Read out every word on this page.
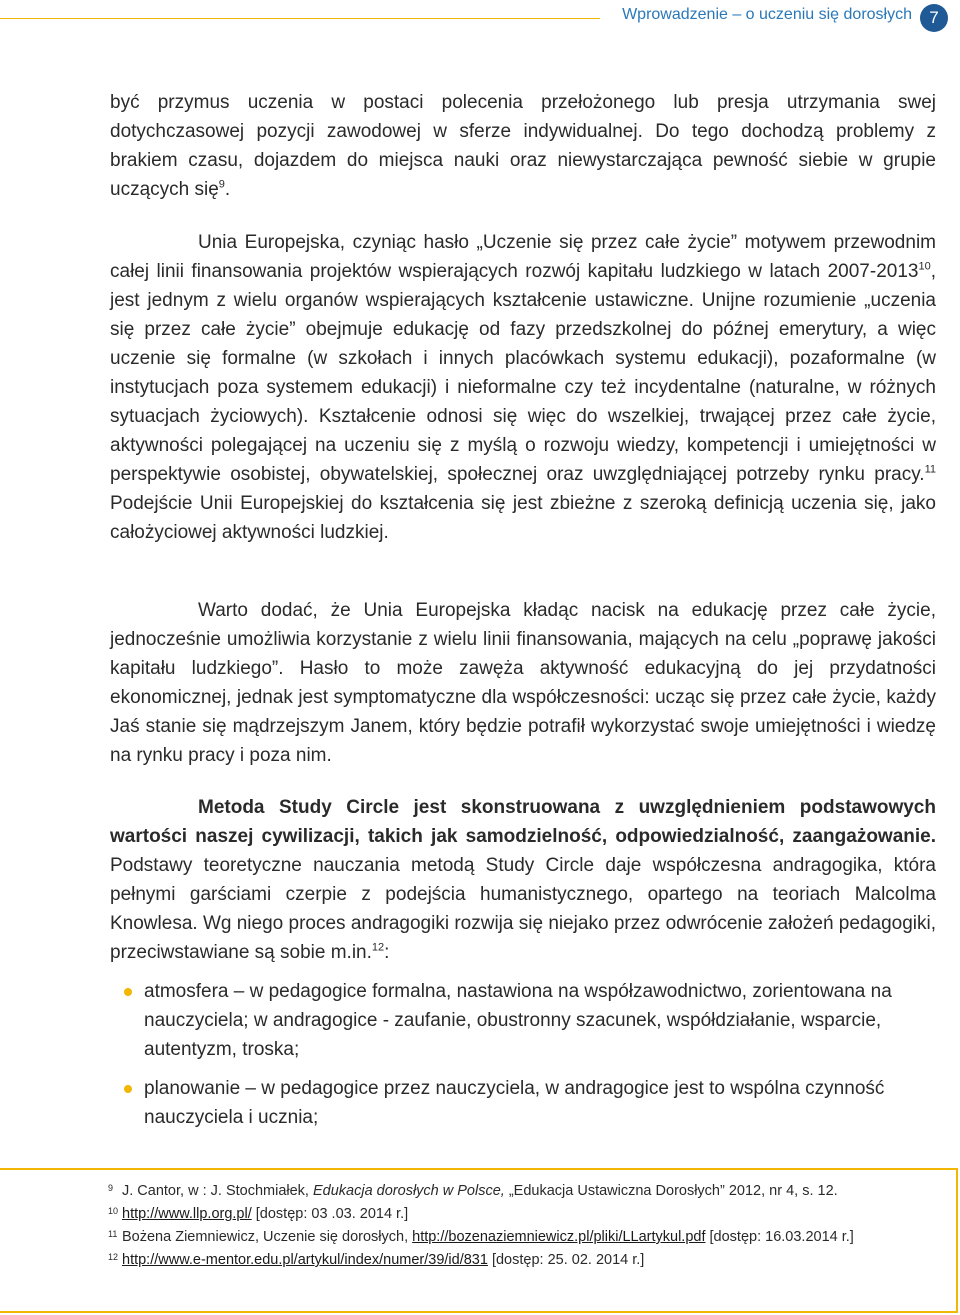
Wprowadzenie – o uczeniu się dorosłych	7

być przymus uczenia w postaci polecenia przełożonego lub presja utrzymania swej dotychczasowej pozycji zawodowej w sferze indywidualnej. Do tego dochodzą problemy z brakiem czasu, dojazdem do miejsca nauki oraz niewystarczająca pewność siebie w grupie uczących się$^9$.

Unia Europejska, czyniąc hasło „Uczenie się przez całe życie” motywem przewodnim całej linii finansowania projektów wspierających rozwój kapitału ludzkiego w latach 2007-2013$^{10}$, jest jednym z wielu organów wspierających kształcenie ustawiczne. Unijne rozumienie „uczenia się przez całe życie” obejmuje edukację od fazy przedszkolnej do późnej emerytury, a więc uczenie się formalne (w szkołach i innych placówkach systemu edukacji), pozaformalne (w instytucjach poza systemem edukacji) i nieformalne czy też incydentalne (naturalne, w różnych sytuacjach życiowych). Kształcenie odnosi się więc do wszelkiej, trwającej przez całe życie, aktywności polegającej na uczeniu się z myślą o rozwoju wiedzy, kompetencji i umiejętności w perspektywie osobistej, obywatelskiej, społecznej oraz uwzględniającej potrzeby rynku pracy.$^{11}$ Podejście Unii Europejskiej do kształcenia się jest zbieżne z szeroką definicją uczenia się, jako całożyciowej aktywności ludzkiej.

Warto dodać, że Unia Europejska kładąc nacisk na edukację przez całe życie, jednocześnie umożliwia korzystanie z wielu linii finansowania, mających na celu „poprawę jakości kapitału ludzkiego”. Hasło to może zawęża aktywność edukacyjną do jej przydatności ekonomicznej, jednak jest symptomatyczne dla współczesności: ucząc się przez całe życie, każdy Jaś stanie się mądrzejszym Janem, który będzie potrafił wykorzystać swoje umiejętności i wiedzę na rynku pracy i poza nim.

Metoda Study Circle jest skonstruowana z uwzględnieniem podstawowych wartości naszej cywilizacji, takich jak samodzielność, odpowiedzialność, zaangażowanie. Podstawy teoretyczne nauczania metodą Study Circle daje współczesna andragogika, która pełnymi garściami czerpie z podejścia humanistycznego, opartego na teoriach Malcolma Knowlesa. Wg niego proces andragogiki rozwija się niejako przez odwrócenie założeń pedagogiki, przeciwstawiane są sobie m.in.$^{12}$:

atmosfera – w pedagogice formalna, nastawiona na współzawodnictwo, zorientowana na nauczyciela; w andragogice - zaufanie, obustronny szacunek, współdziałanie, wsparcie, autentyzm, troska;
planowanie – w pedagogice przez nauczyciela, w andragogice jest to wspólna czynność nauczyciela i ucznia;
9 J. Cantor, w : J. Stochmiałek, Edukacja dorosłych w Polsce, „Edukacja Ustawiczna Dorosłych” 2012, nr 4, s. 12.
10 http://www.llp.org.pl/ [dostęp: 03 .03. 2014 r.]
11 Bożena Ziemniewicz, Uczenie się dorosłych, http://bozenaziemniewicz.pl/pliki/LLartykul.pdf [dostęp: 16.03.2014 r.]
12 http://www.e-mentor.edu.pl/artykul/index/numer/39/id/831 [dostęp: 25. 02. 2014 r.]
